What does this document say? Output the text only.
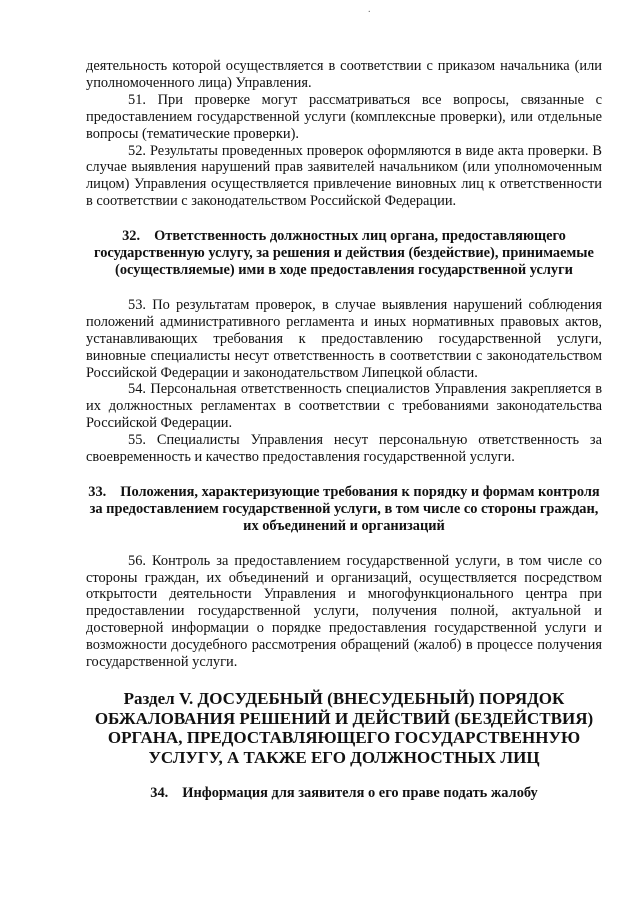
.

деятельность которой осуществляется в соответствии с приказом начальника (или уполномоченного лица) Управления.

51. При проверке могут рассматриваться все вопросы, связанные с предоставлением государственной услуги (комплексные проверки), или отдельные вопросы (тематические проверки).

52. Результаты проведенных проверок оформляются в виде акта проверки. В случае выявления нарушений прав заявителей начальником (или уполномоченным лицом) Управления осуществляется привлечение виновных лиц к ответственности в соответствии с законодательством Российской Федерации.

32. Ответственность должностных лиц органа, предоставляющего государственную услугу, за решения и действия (бездействие), принимаемые (осуществляемые) ими в ходе предоставления государственной услуги

53. По результатам проверок, в случае выявления нарушений соблюдения положений административного регламента и иных нормативных правовых актов, устанавливающих требования к предоставлению государственной услуги, виновные специалисты несут ответственность в соответствии с законодательством Российской Федерации и законодательством Липецкой области.

54. Персональная ответственность специалистов Управления закрепляется в их должностных регламентах в соответствии с требованиями законодательства Российской Федерации.

55. Специалисты Управления несут персональную ответственность за своевременность и качество предоставления государственной услуги.

33. Положения, характеризующие требования к порядку и формам контроля за предоставлением государственной услуги, в том числе со стороны граждан, их объединений и организаций

56. Контроль за предоставлением государственной услуги, в том числе со стороны граждан, их объединений и организаций, осуществляется посредством открытости деятельности Управления и многофункционального центра при предоставлении государственной услуги, получения полной, актуальной и достоверной информации о порядке предоставления государственной услуги и возможности досудебного рассмотрения обращений (жалоб) в процессе получения государственной услуги.

Раздел V. ДОСУДЕБНЫЙ (ВНЕСУДЕБНЫЙ) ПОРЯДОК ОБЖАЛОВАНИЯ РЕШЕНИЙ И ДЕЙСТВИЙ (БЕЗДЕЙСТВИЯ) ОРГАНА, ПРЕДОСТАВЛЯЮЩЕГО ГОСУДАРСТВЕННУЮ УСЛУГУ, А ТАКЖЕ ЕГО ДОЛЖНОСТНЫХ ЛИЦ
34. Информация для заявителя о его праве подать жалобу
